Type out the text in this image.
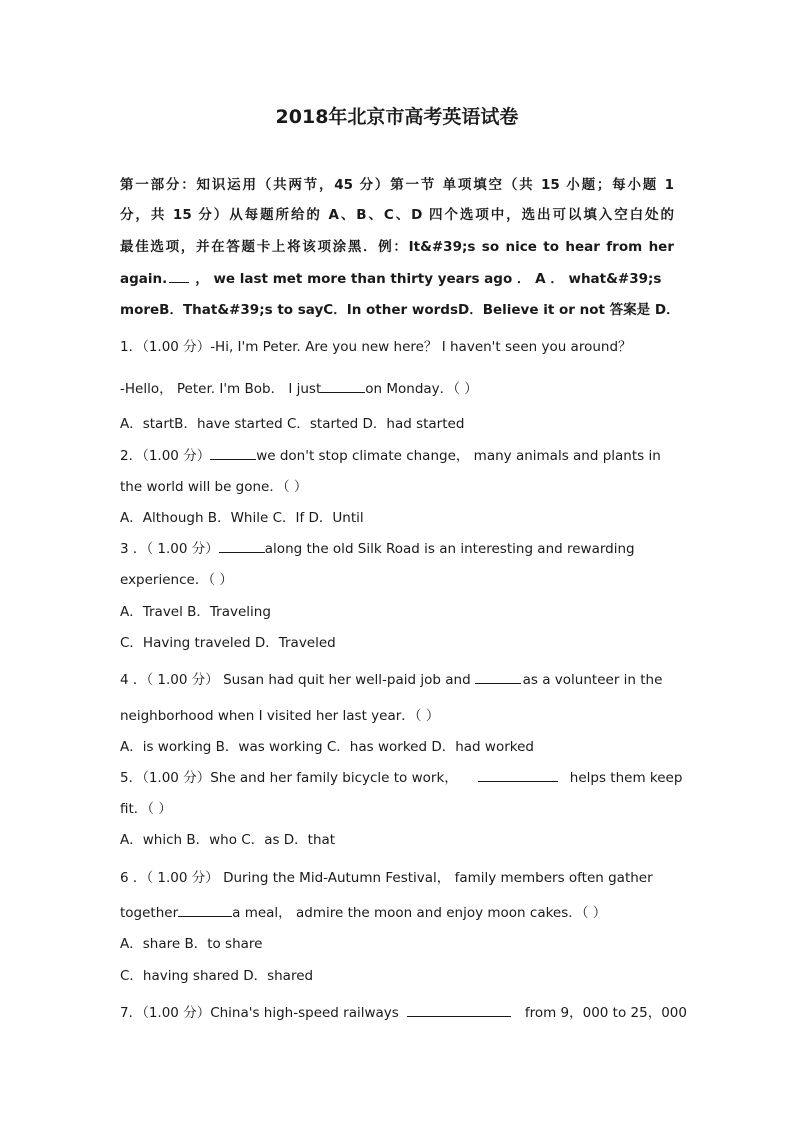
2018年北京市高考英语试卷
第一部分：知识运用（共两节，45 分）第一节 单项填空（共 15 小题；每小题 1
分，共 15 分）从每题所给的 A、B、C、D 四个选项中，选出可以填入空白处的
最佳选项，并在答题卡上将该项涂黑．例：It&#39;s so nice to hear from her
again. ， we last met more than thirty years ago ． A ． what&#39;s
moreB．That&#39;s to sayC．In other wordsD．Believe it or not 答案是 D．
1．（1.00 分）-Hi, I'm Peter. Are you new here？ I haven't seen you around？
-Hello， Peter. I'm Bob． I just	on Monday．（ ）
A．startB．have started C．started D．had started
2．（1.00 分）	we don't stop climate change， many animals and plants in
the world will be gone．（ ）
A．Although B．While C．If D．Until
3 ．（ 1.00 分）	along the old Silk Road is an interesting and rewarding
experience．（ ）
A．Travel B．Traveling
C．Having traveled D．Traveled
4 ．（ 1.00 分） Susan had quit her well-paid job and	as a volunteer in the
neighborhood when I visited her last year．（ ）
A．is working B．was working C．has worked D．had worked
5．（1.00 分）She and her family bicycle to work，	helps them keep
fit．（ ）
A．which B．who C．as D．that
6 ．（ 1.00 分） During the Mid-Autumn Festival， family members often gather
together	a meal， admire the moon and enjoy moon cakes．（ ）
A．share B．to share
C．having shared D．shared
7．（1.00 分）China's high-speed railways	from 9，000 to 25，000
